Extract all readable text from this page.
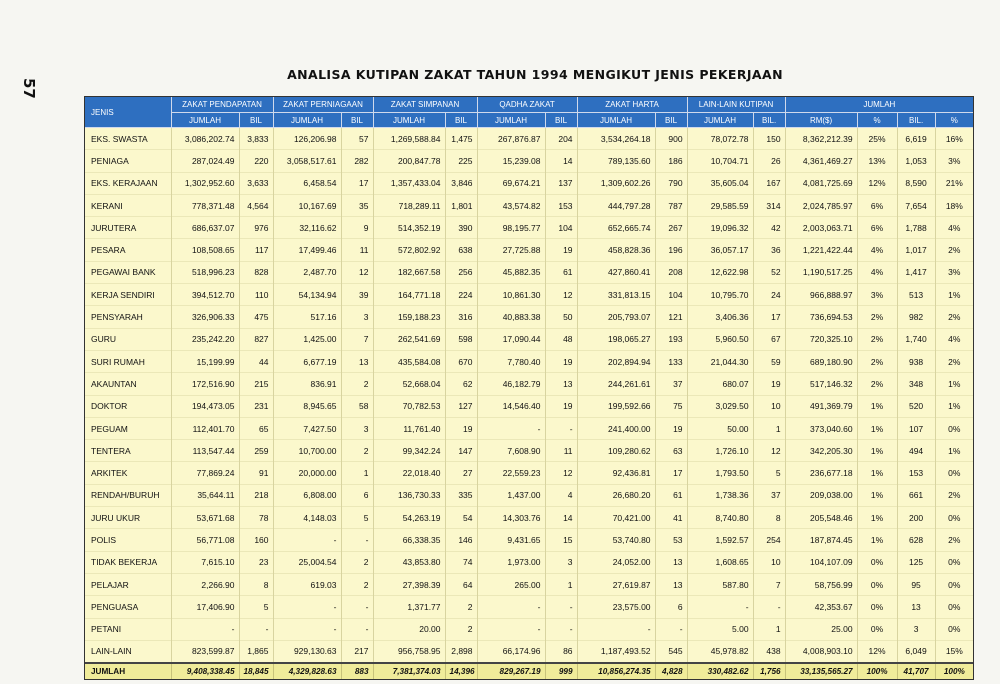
57
ANALISA KUTIPAN ZAKAT TAHUN 1994 MENGIKUT JENIS PEKERJAAN
JENIS	ZAKAT PENDAPATAN		ZAKAT PERNIAGAAN		ZAKAT SIMPANAN		QADHA ZAKAT		ZAKAT HARTA		LAIN-LAIN KUTIPAN		JUMLAH			
	JUMLAH	BIL	JUMLAH	BIL	JUMLAH	BIL	JUMLAH	BIL	JUMLAH	BIL	JUMLAH	BIL.	RM($)	%	BIL.	%
EKS. SWASTA	3,086,202.74	3,833	126,206.98	57	1,269,588.84	1,475	267,876.87	204	3,534,264.18	900	78,072.78	150	8,362,212.39	25%	6,619	16%
PENIAGA	287,024.49	220	3,058,517.61	282	200,847.78	225	15,239.08	14	789,135.60	186	10,704.71	26	4,361,469.27	13%	1,053	3%
EKS. KERAJAAN	1,302,952.60	3,633	6,458.54	17	1,357,433.04	3,846	69,674.21	137	1,309,602.26	790	35,605.04	167	4,081,725.69	12%	8,590	21%
KERANI	778,371.48	4,564	10,167.69	35	718,289.11	1,801	43,574.82	153	444,797.28	787	29,585.59	314	2,024,785.97	6%	7,654	18%
JURUTERA	686,637.07	976	32,116.62	9	514,352.19	390	98,195.77	104	652,665.74	267	19,096.32	42	2,003,063.71	6%	1,788	4%
PESARA	108,508.65	117	17,499.46	11	572,802.92	638	27,725.88	19	458,828.36	196	36,057.17	36	1,221,422.44	4%	1,017	2%
PEGAWAI BANK	518,996.23	828	2,487.70	12	182,667.58	256	45,882.35	61	427,860.41	208	12,622.98	52	1,190,517.25	4%	1,417	3%
KERJA SENDIRI	394,512.70	110	54,134.94	39	164,771.18	224	10,861.30	12	331,813.15	104	10,795.70	24	966,888.97	3%	513	1%
PENSYARAH	326,906.33	475	517.16	3	159,188.23	316	40,883.38	50	205,793.07	121	3,406.36	17	736,694.53	2%	982	2%
GURU	235,242.20	827	1,425.00	7	262,541.69	598	17,090.44	48	198,065.27	193	5,960.50	67	720,325.10	2%	1,740	4%
SURI RUMAH	15,199.99	44	6,677.19	13	435,584.08	670	7,780.40	19	202,894.94	133	21,044.30	59	689,180.90	2%	938	2%
AKAUNTAN	172,516.90	215	836.91	2	52,668.04	62	46,182.79	13	244,261.61	37	680.07	19	517,146.32	2%	348	1%
DOKTOR	194,473.05	231	8,945.65	58	70,782.53	127	14,546.40	19	199,592.66	75	3,029.50	10	491,369.79	1%	520	1%
PEGUAM	112,401.70	65	7,427.50	3	11,761.40	19	-	-	241,400.00	19	50.00	1	373,040.60	1%	107	0%
TENTERA	113,547.44	259	10,700.00	2	99,342.24	147	7,608.90	11	109,280.62	63	1,726.10	12	342,205.30	1%	494	1%
ARKITEK	77,869.24	91	20,000.00	1	22,018.40	27	22,559.23	12	92,436.81	17	1,793.50	5	236,677.18	1%	153	0%
RENDAH/BURUH	35,644.11	218	6,808.00	6	136,730.33	335	1,437.00	4	26,680.20	61	1,738.36	37	209,038.00	1%	661	2%
JURU UKUR	53,671.68	78	4,148.03	5	54,263.19	54	14,303.76	14	70,421.00	41	8,740.80	8	205,548.46	1%	200	0%
POLIS	56,771.08	160	-	-	66,338.35	146	9,431.65	15	53,740.80	53	1,592.57	254	187,874.45	1%	628	2%
TIDAK BEKERJA	7,615.10	23	25,004.54	2	43,853.80	74	1,973.00	3	24,052.00	13	1,608.65	10	104,107.09	0%	125	0%
PELAJAR	2,266.90	8	619.03	2	27,398.39	64	265.00	1	27,619.87	13	587.80	7	58,756.99	0%	95	0%
PENGUASA	17,406.90	5	-	-	1,371.77	2	-	-	23,575.00	6	-	-	42,353.67	0%	13	0%
PETANI	-	-	-	-	20.00	2	-	-	-	-	5.00	1	25.00	0%	3	0%
LAIN-LAIN	823,599.87	1,865	929,130.63	217	956,758.95	2,898	66,174.96	86	1,187,493.52	545	45,978.82	438	4,008,903.10	12%	6,049	15%
JUMLAH	9,408,338.45	18,845	4,329,828.63	883	7,381,374.03	14,396	829,267.19	999	10,856,274.35	4,828	330,482.62	1,756	33,135,565.27	100%	41,707	100%
